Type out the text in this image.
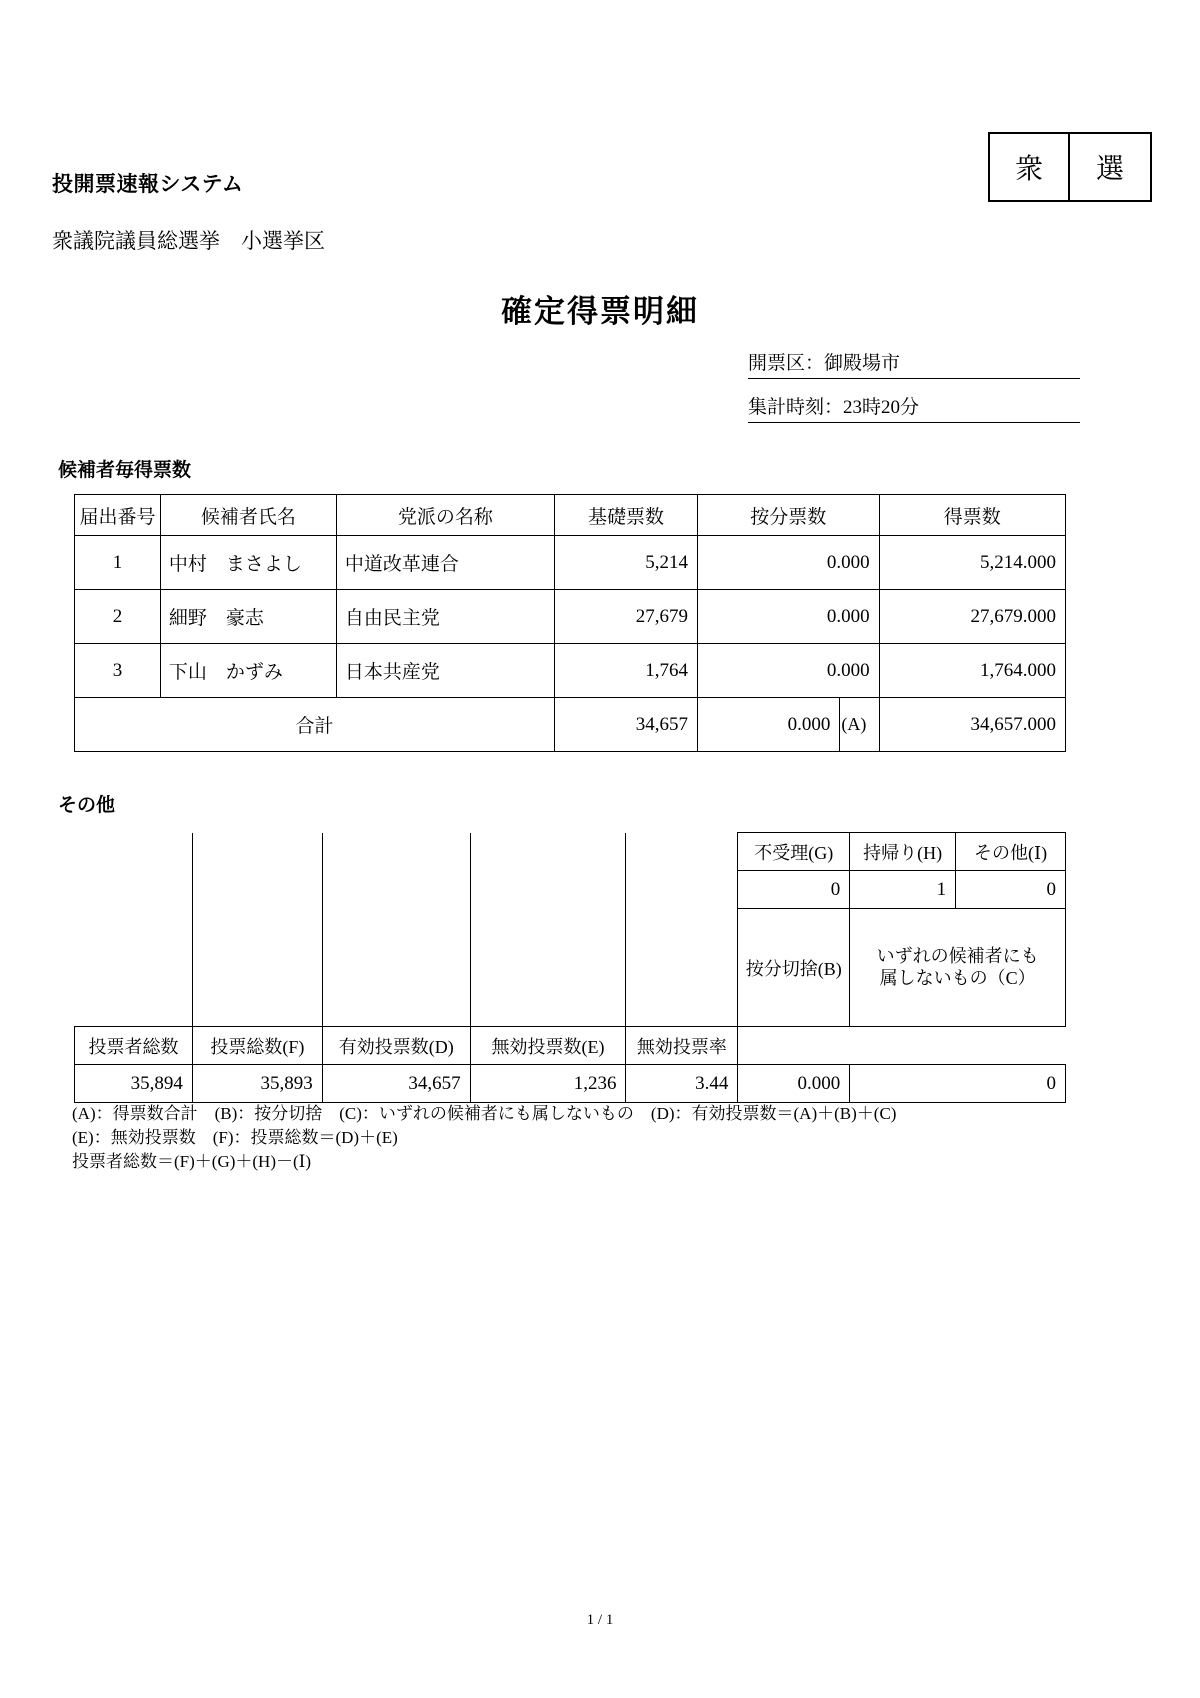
衆	選
投開票速報システム
衆議院議員総選挙　小選挙区
確定得票明細
開票区：御殿場市
集計時刻：23時20分
候補者毎得票数
届出番号	候補者氏名	党派の名称	基礎票数	按分票数		得票数
1	中村　まさよし	中道改革連合	5,214	0.000		5,214.000
2	細野　豪志	自由民主党	27,679	0.000		27,679.000
3	下山　かずみ	日本共産党	1,764	0.000		1,764.000
合計			34,657	0.000	(A)	34,657.000
その他
					不受理(G)	持帰り(H)	その他(Ⅰ)
					0	1	0
					按分切捨(B)	いずれの候補者にも
属しないもの（C）	
投票者総数	投票総数(F)	有効投票数(D)	無効投票数(E)	無効投票率			
35,894	35,893	34,657	1,236	3.44	0.000	0	
(A)：得票数合計　(B)：按分切捨　(C)：いずれの候補者にも属しないもの　(D)：有効投票数＝(A)＋(B)＋(C)
(E)：無効投票数　(F)：投票総数＝(D)＋(E)
投票者総数＝(F)＋(G)＋(H)－(Ⅰ)
1 / 1
